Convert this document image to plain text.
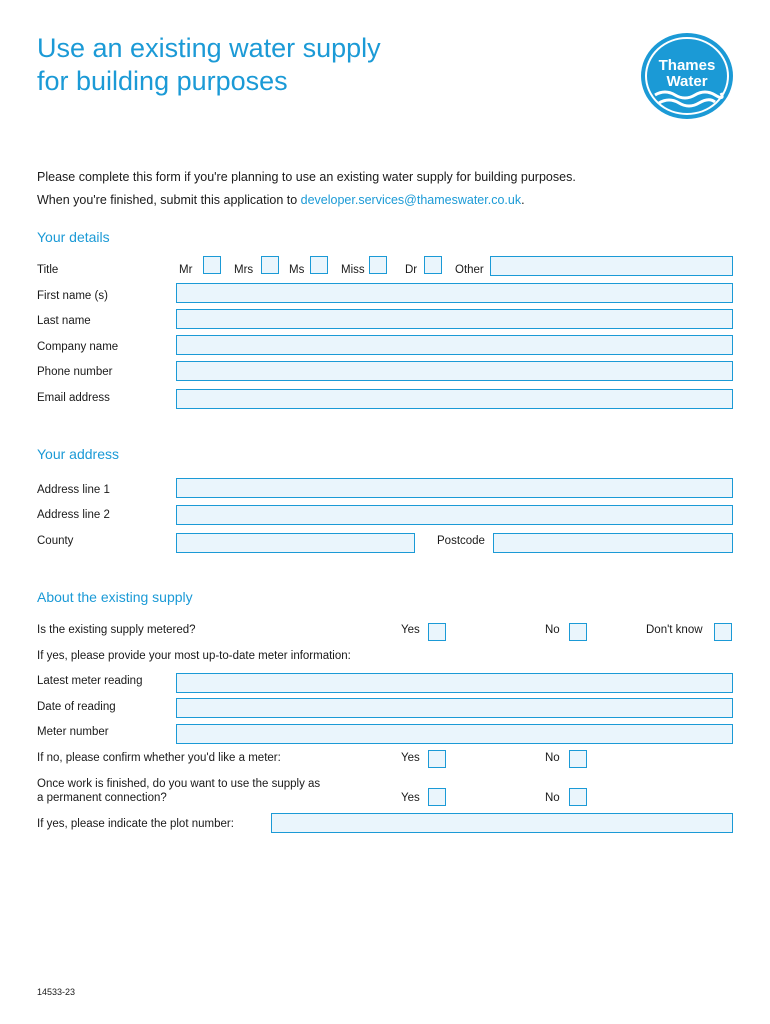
Use an existing water supply
for building purposes
Thames
Water
Please complete this form if you're planning to use an existing water supply for building purposes.
When you're finished, submit this application to developer.services@thameswater.co.uk.
Your details
Title	Mr	Mrs	Ms	Miss	Dr	Other
First name (s)
Last name
Company name
Phone number
Email address
Your address
Address line 1
Address line 2
County	Postcode
About the existing supply
Is the existing supply metered?	Yes	No	Don't know
If yes, please provide your most up-to-date meter information:
Latest meter reading
Date of reading
Meter number
If no, please confirm whether you'd like a meter:	Yes	No
Once work is finished, do you want to use the supply as
a permanent connection?	Yes	No
If yes, please indicate the plot number:
14533-23
